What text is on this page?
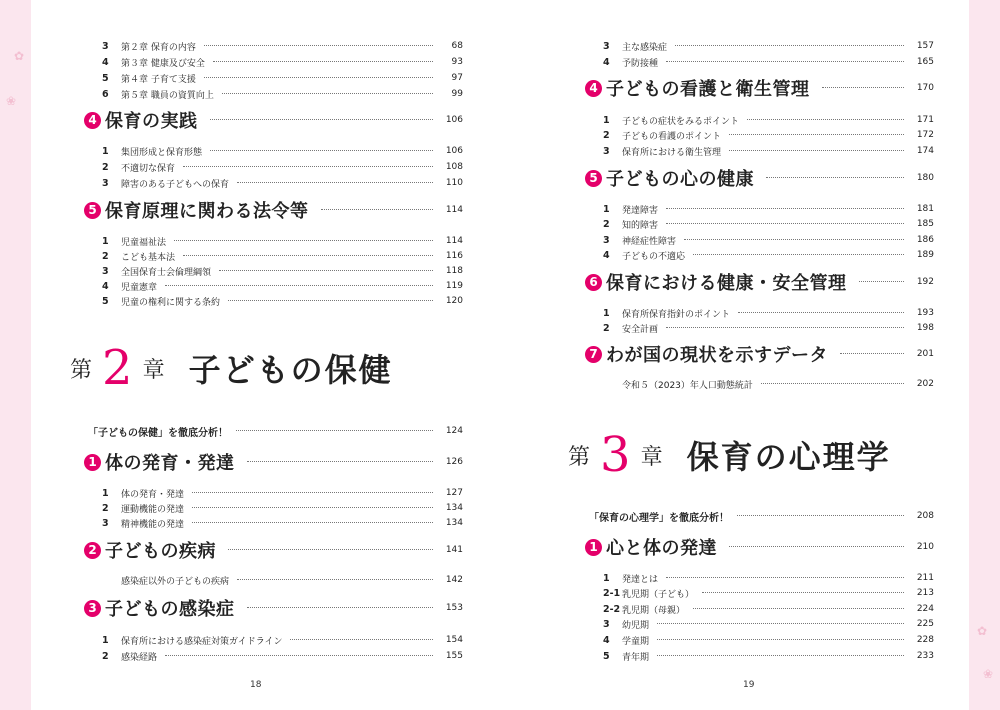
✿
❀
✿
❀
第 2 章 子どもの保健
18
3	第２章 保育の内容	68
4	第３章 健康及び安全	93
5	第４章 子育て支援	97
6	第５章 職員の資質向上	99
4 保育の実践	106
1	集団形成と保育形態	106
2	不適切な保育	108
3	障害のある子どもへの保育	110
5 保育原理に関わる法令等	114
1	児童福祉法	114
2	こども基本法	116
3	全国保育士会倫理綱領	118
4	児童憲章	119
5	児童の権利に関する条約	120
「子どもの保健」を徹底分析！	124
1 体の発育・発達	126
1	体の発育・発達	127
2	運動機能の発達	134
3	精神機能の発達	134
2 子どもの疾病	141
感染症以外の子どもの疾病	142
3 子どもの感染症	153
1	保育所における感染症対策ガイドライン	154
2	感染経路	155
第 3 章 保育の心理学
19
3	主な感染症	157
4	予防接種	165
4 子どもの看護と衛生管理	170
1	子どもの症状をみるポイント	171
2	子どもの看護のポイント	172
3	保育所における衛生管理	174
5 子どもの心の健康	180
1	発達障害	181
2	知的障害	185
3	神経症性障害	186
4	子どもの不適応	189
6 保育における健康・安全管理	192
1	保育所保育指針のポイント	193
2	安全計画	198
7 わが国の現状を示すデータ	201
令和５（2023）年人口動態統計	202
「保育の心理学」を徹底分析！	208
1 心と体の発達	210
1	発達とは	211
2-1 乳児期（子ども）	213
2-2 乳児期（母親）	224
3	幼児期	225
4	学童期	228
5	青年期	233
